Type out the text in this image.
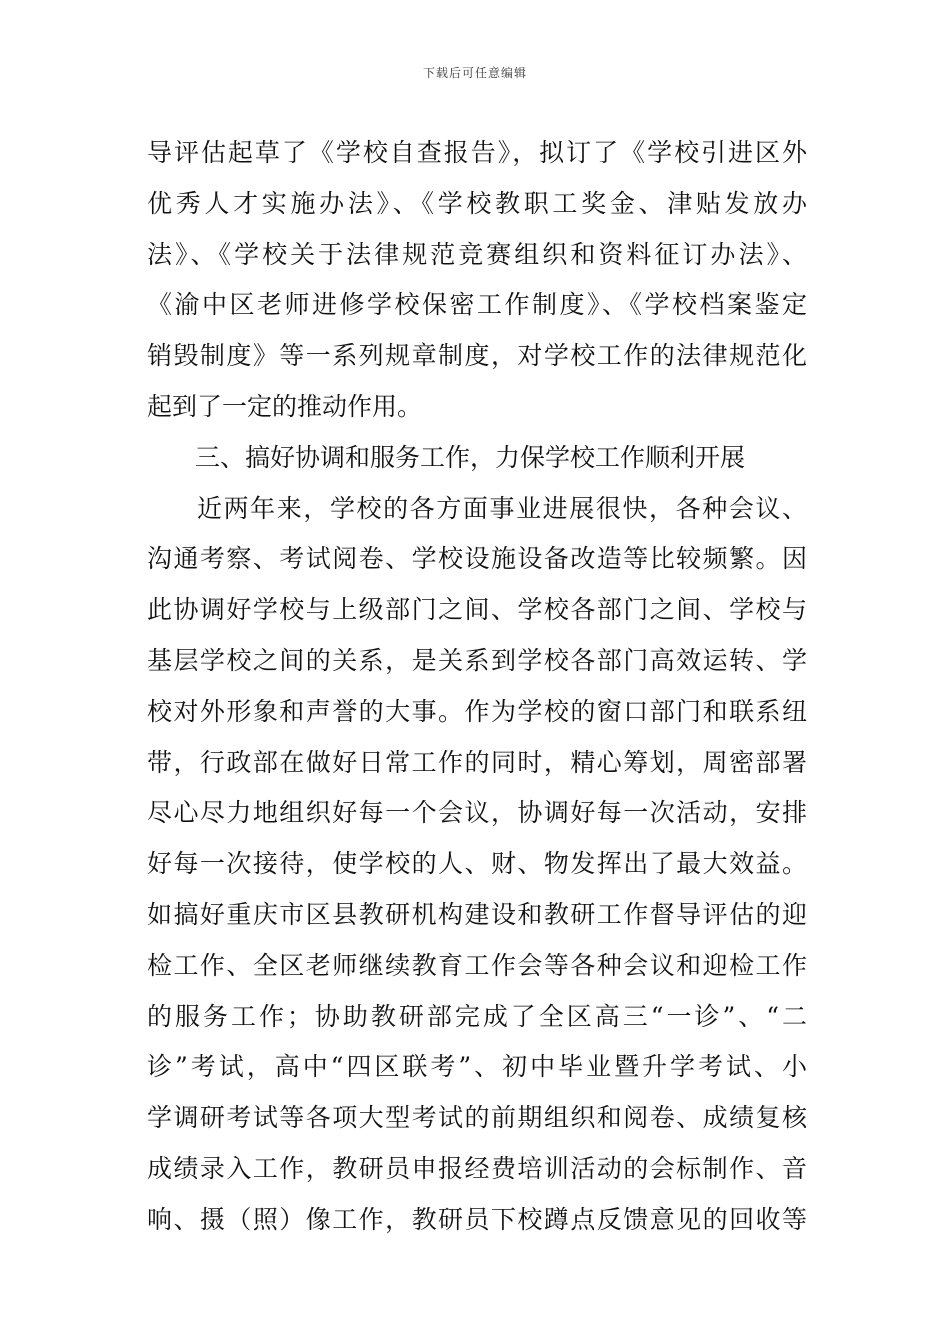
下载后可任意编辑
导评估起草了《学校自查报告》，拟订了《学校引进区外
优秀人才实施办法》、《学校教职工奖金、津贴发放办
法》、《学校关于法律规范竞赛组织和资料征订办法》、
《渝中区老师进修学校保密工作制度》、《学校档案鉴定
销毁制度》等一系列规章制度，对学校工作的法律规范化
起到了一定的推动作用。
三、搞好协调和服务工作，力保学校工作顺利开展
近两年来，学校的各方面事业进展很快，各种会议、
沟通考察、考试阅卷、学校设施设备改造等比较频繁。因
此协调好学校与上级部门之间、学校各部门之间、学校与
基层学校之间的关系，是关系到学校各部门高效运转、学
校对外形象和声誉的大事。作为学校的窗口部门和联系纽
带，行政部在做好日常工作的同时，精心筹划，周密部署
尽心尽力地组织好每一个会议，协调好每一次活动，安排
好每一次接待，使学校的人、财、物发挥出了最大效益。
如搞好重庆市区县教研机构建设和教研工作督导评估的迎
检工作、全区老师继续教育工作会等各种会议和迎检工作
的服务工作；协助教研部完成了全区高三“一诊”、“二
诊”考试，高中“四区联考”、初中毕业暨升学考试、小
学调研考试等各项大型考试的前期组织和阅卷、成绩复核
成绩录入工作，教研员申报经费培训活动的会标制作、音
响、摄（照）像工作，教研员下校蹲点反馈意见的回收等
